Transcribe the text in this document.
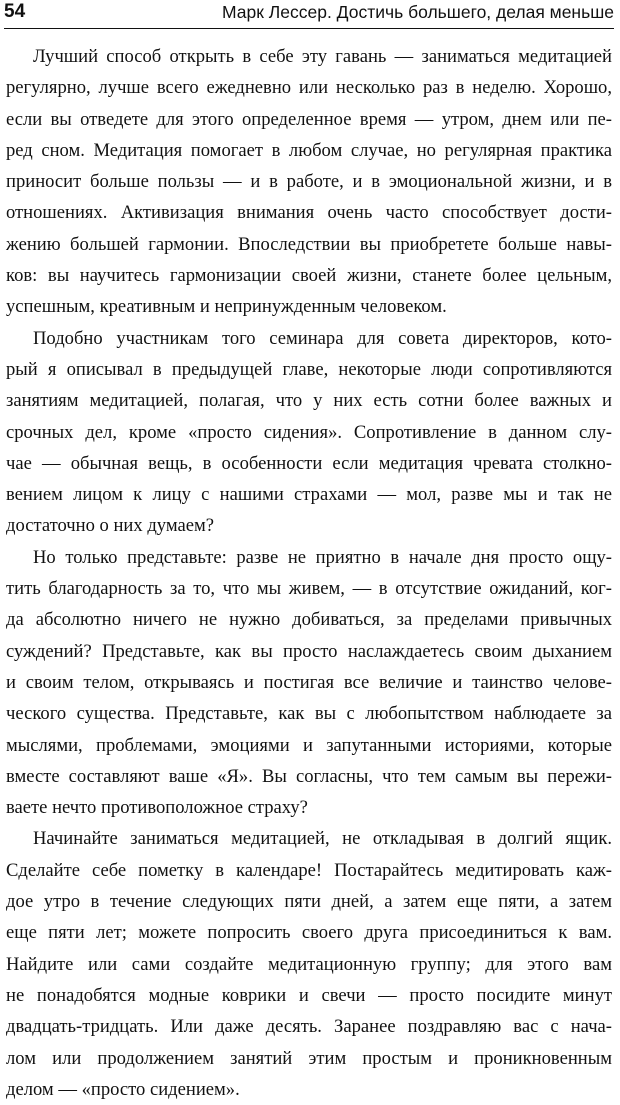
54	Марк Лессер. Достичь большего, делая меньше

Лучший способ открыть в себе эту гавань — заниматься медитацией
регулярно, лучше всего ежедневно или несколько раз в неделю. Хорошо,
если вы отведете для этого определенное время — утром, днем или пе-
ред сном. Медитация помогает в любом случае, но регулярная практика
приносит больше пользы — и в работе, и в эмоциональной жизни, и в
отношениях. Активизация внимания очень часто способствует дости-
жению большей гармонии. Впоследствии вы приобретете больше навы-
ков: вы научитесь гармонизации своей жизни, станете более цельным,
успешным, креативным и непринужденным человеком.

Подобно участникам того семинара для совета директоров, кото-
рый я описывал в предыдущей главе, некоторые люди сопротивляются
занятиям медитацией, полагая, что у них есть сотни более важных и
срочных дел, кроме «просто сидения». Сопротивление в данном слу-
чае — обычная вещь, в особенности если медитация чревата столкно-
вением лицом к лицу с нашими страхами — мол, разве мы и так не
достаточно о них думаем?

Но только представьте: разве не приятно в начале дня просто ощу-
тить благодарность за то, что мы живем, — в отсутствие ожиданий, ког-
да абсолютно ничего не нужно добиваться, за пределами привычных
суждений? Представьте, как вы просто наслаждаетесь своим дыханием
и своим телом, открываясь и постигая все величие и таинство челове-
ческого существа. Представьте, как вы с любопытством наблюдаете за
мыслями, проблемами, эмоциями и запутанными историями, которые
вместе составляют ваше «Я». Вы согласны, что тем самым вы пережи-
ваете нечто противоположное страху?

Начинайте заниматься медитацией, не откладывая в долгий ящик.
Сделайте себе пометку в календаре! Постарайтесь медитировать каж-
дое утро в течение следующих пяти дней, а затем еще пяти, а затем
еще пяти лет; можете попросить своего друга присоединиться к вам.
Найдите или сами создайте медитационную группу; для этого вам
не понадобятся модные коврики и свечи — просто посидите минут
двадцать-тридцать. Или даже десять. Заранее поздравляю вас с нача-
лом или продолжением занятий этим простым и проникновенным
делом — «просто сидением».
